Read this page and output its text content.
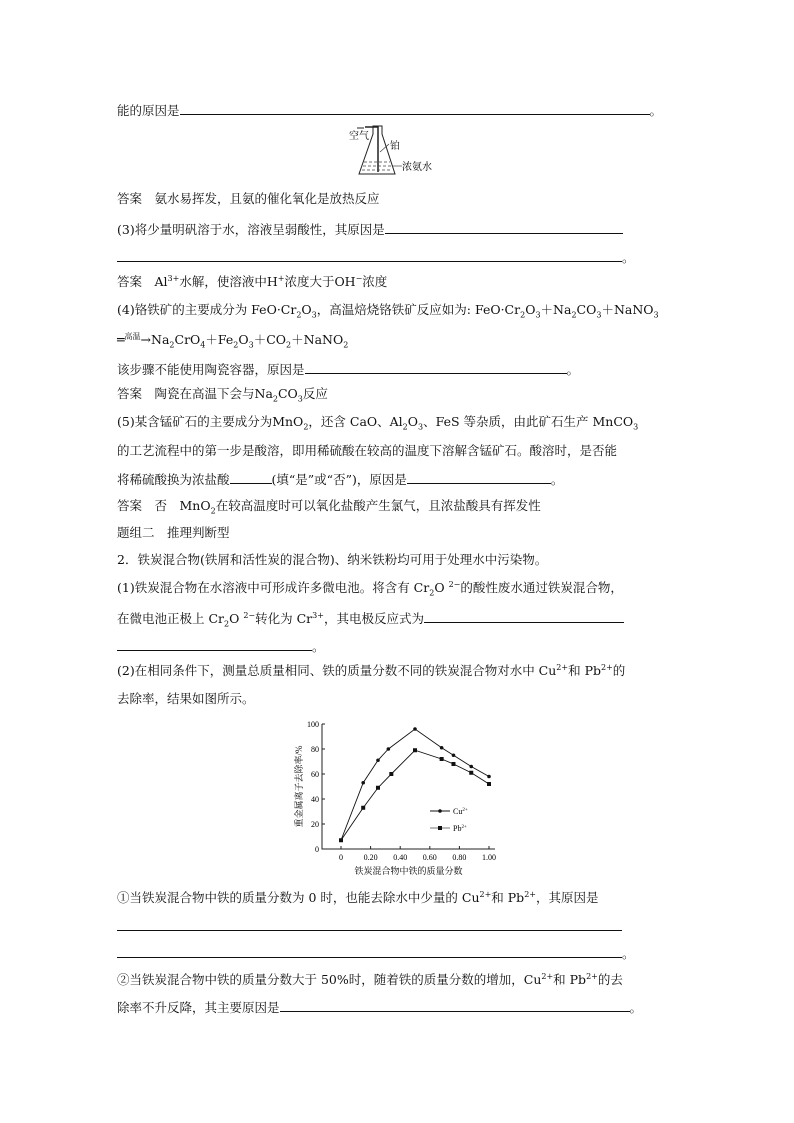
能的原因是	。
答案　氨水易挥发，且氨的催化氧化是放热反应
(3)将少量明矾溶于水，溶液呈弱酸性，其原因是
。
答案　$Al^{3+}$水解，使溶液中H+浓度大于OH−浓度
(4)铬铁矿的主要成分为 $FeO\cdot Cr_2O_3$，高温焙烧铬铁矿反应如为: $FeO\cdot Cr_2O_3+Na_2CO_3+NaNO_3$
$═^{高温}\to Na_2CrO_4+Fe_2O_3+CO_2+NaNO_2$
该步骤不能使用陶瓷容器，原因是	。
答案　陶瓷在高温下会与$Na_2CO_3$反应
(5)某含锰矿石的主要成分为MnO$_2$，还含 CaO、$Al_2O_3$、FeS 等杂质，由此矿石生产 MnCO$_3$
的工艺流程中的第一步是酸溶，即用稀硫酸在较高的温度下溶解含锰矿石。酸溶时，是否能
将稀硫酸换为浓盐酸	(填“是”或“否”)，原因是	。
答案　否　MnO$_2$在较高温度时可以氧化盐酸产生氯气，且浓盐酸具有挥发性
题组二　推理判断型
2．铁炭混合物(铁屑和活性炭的混合物)、纳米铁粉均可用于处理水中污染物。
(1)铁炭混合物在水溶液中可形成许多微电池。将含有 $Cr_2O$ $^{2-}$的酸性废水通过铁炭混合物，
在微电池正极上 $Cr_2O$ $^{2-}$转化为 $Cr^{3+}$，其电极反应式为
。
(2)在相同条件下，测量总质量相同、铁的质量分数不同的铁炭混合物对水中 $Cu^{2+}$和 $Pb^{2+}$的
去除率，结果如图所示。
①当铁炭混合物中铁的质量分数为 0 时，也能去除水中少量的 $Cu^{2+}$和 $Pb^{2+}$，其原因是
。
②当铁炭混合物中铁的质量分数大于 50%时，随着铁的质量分数的增加，$Cu^{2+}$和 $Pb^{2+}$的去
除率不升反降，其主要原因是	。
空气
铂
浓氨水
0
20
40
60
80
100
0	0.20 0.40 0.60 0.80 1.00
铁炭混合物中铁的质量分数
重金属离子去除率/%	$Cu^{2+}$
$Pb^{2+}$
